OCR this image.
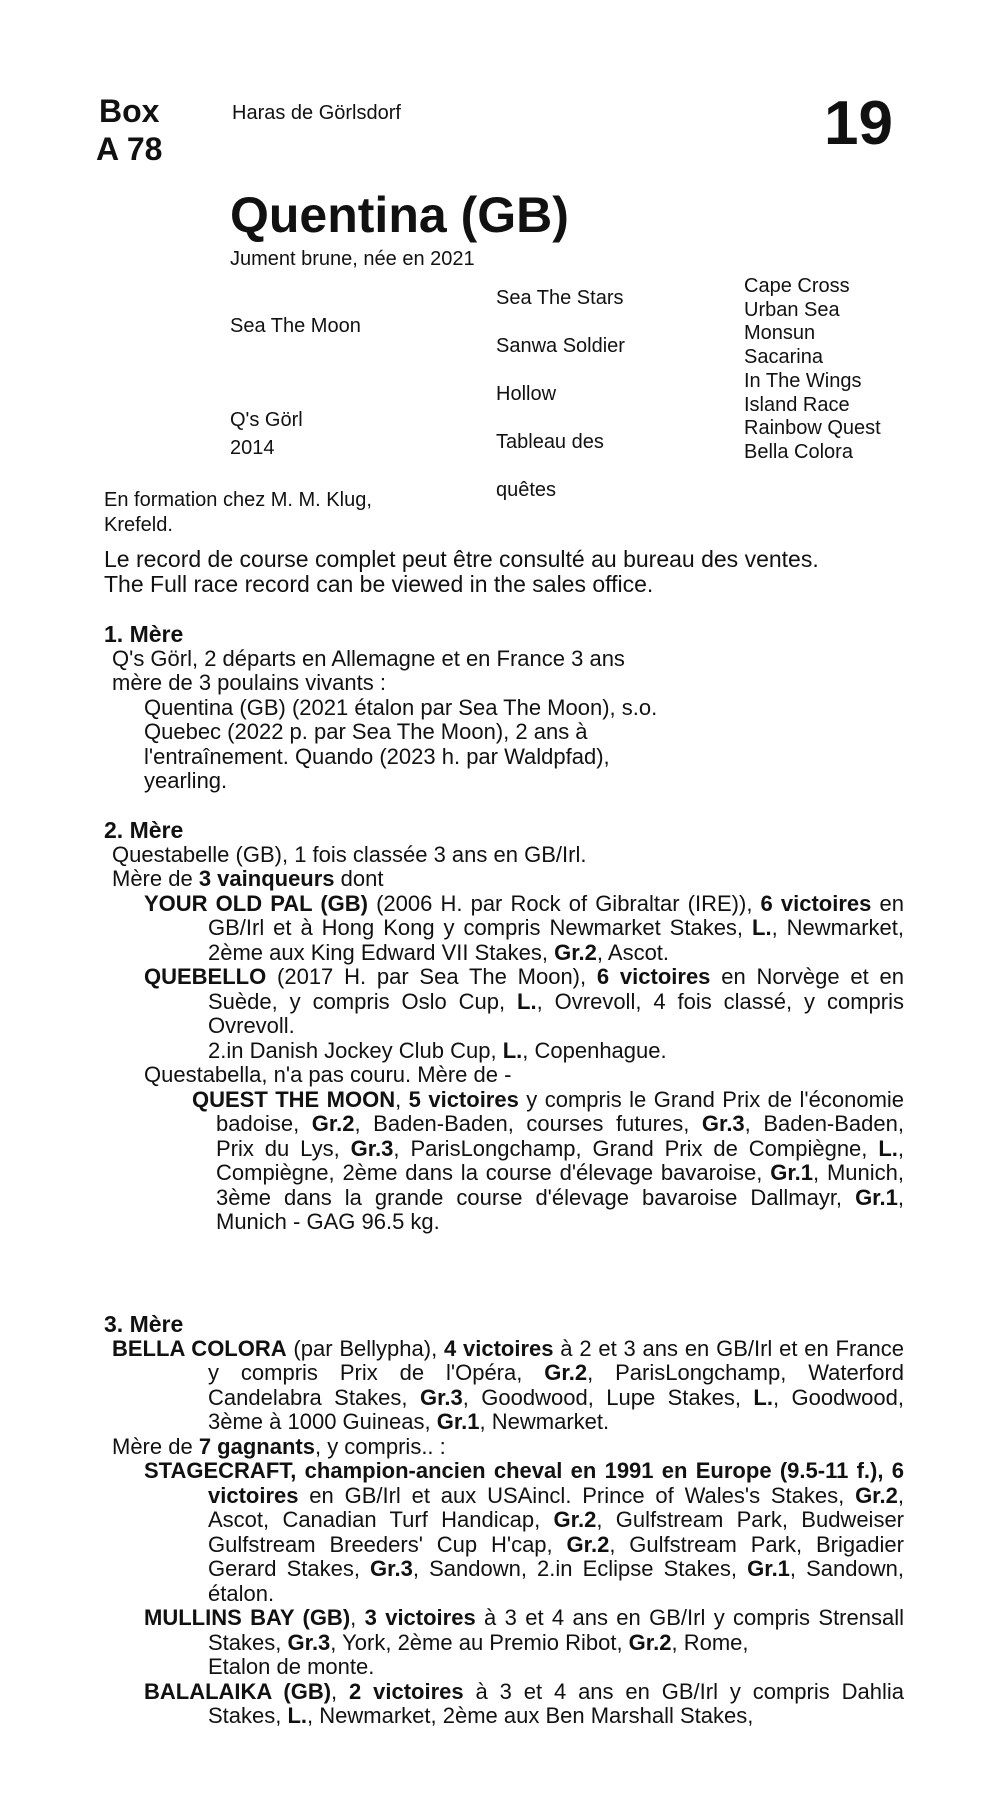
Box
A 78
Haras de Görlsdorf	19
Quentina (GB)
Jument brune, née en 2021
Sea The Moon
Q's Görl
2014
Sea The Stars
Sanwa Soldier
Hollow
Tableau des
quêtes
Cape Cross
Urban Sea
Monsun
Sacarina
In The Wings
Island Race
Rainbow Quest
Bella Colora
En formation chez M. M. Klug, Krefeld.
Le record de course complet peut être consulté au bureau des ventes.
The Full race record can be viewed in the sales office.
1. Mère

Q's Görl, 2 départs en Allemagne et en France 3 ans

mère de 3 poulains vivants :

Quentina (GB) (2021 étalon par Sea The Moon), s.o.

Quebec (2022 p. par Sea The Moon), 2 ans à l'entraînement. Quando (2023 h. par Waldpfad), yearling.

2. Mère

Questabelle (GB), 1 fois classée 3 ans en GB/Irl.

Mère de 3 vainqueurs dont

YOUR OLD PAL (GB) (2006 H. par Rock of Gibraltar (IRE)), 6 victoires en GB/Irl et à Hong Kong y compris Newmarket Stakes, L., Newmarket, 2ème aux King Edward VII Stakes, Gr.2, Ascot.

QUEBELLO (2017 H. par Sea The Moon), 6 victoires en Norvège et en Suède, y compris Oslo Cup, L., Ovrevoll, 4 fois classé, y compris Ovrevoll.

2.in Danish Jockey Club Cup, L., Copenhague.

Questabella, n'a pas couru. Mère de -

QUEST THE MOON, 5 victoires y compris le Grand Prix de l'économie badoise, Gr.2, Baden-Baden, courses futures, Gr.3, Baden-Baden, Prix du Lys, Gr.3, ParisLongchamp, Grand Prix de Compiègne, L., Compiègne, 2ème dans la course d'élevage bavaroise, Gr.1, Munich, 3ème dans la grande course d'élevage bavaroise Dallmayr, Gr.1, Munich - GAG 96.5 kg.

3. Mère

BELLA COLORA (par Bellypha), 4 victoires à 2 et 3 ans en GB/Irl et en France y compris Prix de l'Opéra, Gr.2, ParisLongchamp, Waterford Candelabra Stakes, Gr.3, Goodwood, Lupe Stakes, L., Goodwood, 3ème à 1000 Guineas, Gr.1, Newmarket.

Mère de 7 gagnants, y compris.. :

STAGECRAFT, champion-ancien cheval en 1991 en Europe (9.5-11 f.), 6 victoires en GB/Irl et aux USAincl. Prince of Wales's Stakes, Gr.2, Ascot, Canadian Turf Handicap, Gr.2, Gulfstream Park, Budweiser Gulfstream Breeders' Cup H'cap, Gr.2, Gulfstream Park, Brigadier Gerard Stakes, Gr.3, Sandown, 2.in Eclipse Stakes, Gr.1, Sandown, étalon.

MULLINS BAY (GB), 3 victoires à 3 et 4 ans en GB/Irl y compris Strensall Stakes, Gr.3, York, 2ème au Premio Ribot, Gr.2, Rome,

Etalon de monte.

BALALAIKA (GB), 2 victoires à 3 et 4 ans en GB/Irl y compris Dahlia Stakes, L., Newmarket, 2ème aux Ben Marshall Stakes,
